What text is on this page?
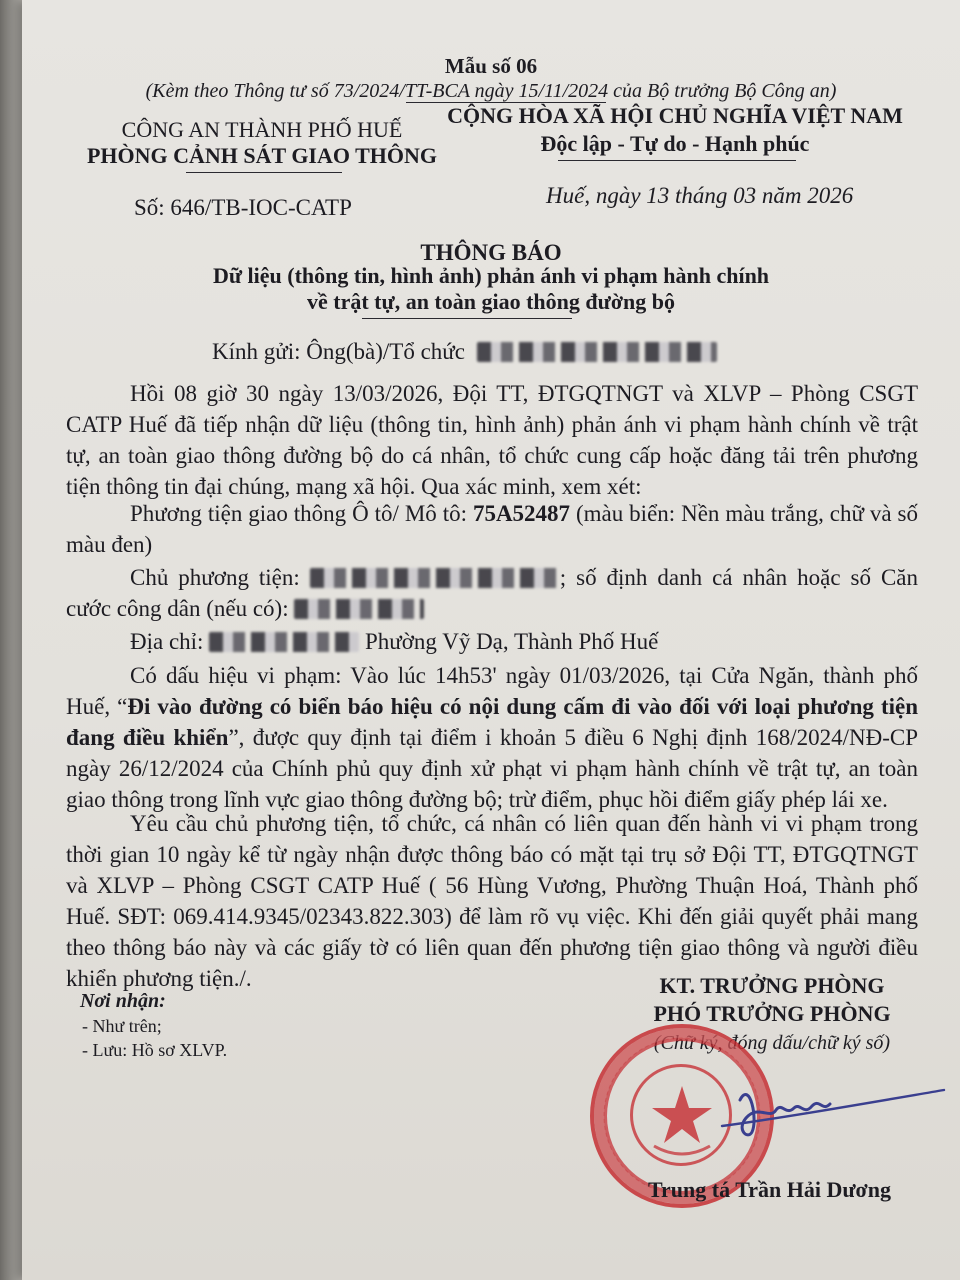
Mẫu số 06
(Kèm theo Thông tư số 73/2024/TT-BCA ngày 15/11/2024 của Bộ trưởng Bộ Công an)
CÔNG AN THÀNH PHỐ HUẾ
PHÒNG CẢNH SÁT GIAO THÔNG
CỘNG HÒA XÃ HỘI CHỦ NGHĨA VIỆT NAM
Độc lập - Tự do - Hạnh phúc
Số: 646/TB-IOC-CATP	Huế, ngày 13 tháng 03 năm 2026
THÔNG BÁO
Dữ liệu (thông tin, hình ảnh) phản ánh vi phạm hành chính
về trật tự, an toàn giao thông đường bộ
Kính gửi: Ông(bà)/Tổ chức
Hồi 08 giờ 30 ngày 13/03/2026, Đội TT, ĐTGQTNGT và XLVP – Phòng CSGT CATP Huế đã tiếp nhận dữ liệu (thông tin, hình ảnh) phản ánh vi phạm hành chính về trật tự, an toàn giao thông đường bộ do cá nhân, tổ chức cung cấp hoặc đăng tải trên phương tiện thông tin đại chúng, mạng xã hội. Qua xác minh, xem xét:
Phương tiện giao thông Ô tô/ Mô tô: 75A52487 (màu biển: Nền màu trắng, chữ và số màu đen)
Chủ phương tiện:	; số định danh cá nhân hoặc số Căn cước công dân (nếu có):
Địa chỉ:	Phường Vỹ Dạ, Thành Phố Huế
Có dấu hiệu vi phạm: Vào lúc 14h53' ngày 01/03/2026, tại Cửa Ngăn, thành phố Huế, “Đi vào đường có biển báo hiệu có nội dung cấm đi vào đối với loại phương tiện đang điều khiển”, được quy định tại điểm i khoản 5 điều 6 Nghị định 168/2024/NĐ-CP ngày 26/12/2024 của Chính phủ quy định xử phạt vi phạm hành chính về trật tự, an toàn giao thông trong lĩnh vực giao thông đường bộ; trừ điểm, phục hồi điểm giấy phép lái xe.
Yêu cầu chủ phương tiện, tổ chức, cá nhân có liên quan đến hành vi vi phạm trong thời gian 10 ngày kể từ ngày nhận được thông báo có mặt tại trụ sở Đội TT, ĐTGQTNGT và XLVP – Phòng CSGT CATP Huế ( 56 Hùng Vương, Phường Thuận Hoá, Thành phố Huế. SĐT: 069.414.9345/02343.822.303) để làm rõ vụ việc. Khi đến giải quyết phải mang theo thông báo này và các giấy tờ có liên quan đến phương tiện giao thông và người điều khiển phương tiện./.
Nơi nhận:
- Như trên;
- Lưu: Hồ sơ XLVP.
KT. TRƯỞNG PHÒNG
PHÓ TRƯỞNG PHÒNG
(Chữ ký, đóng dấu/chữ ký số)
Trung tá Trần Hải Dương
